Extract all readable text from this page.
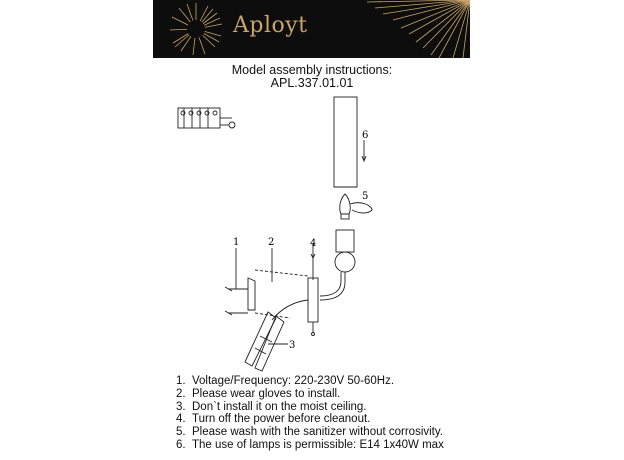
Aployt
Model assembly instructions:
APL.337.01.01
1	2
3
4
5
6
1. Voltage/Frequency: 220-230V 50-60Hz.
2. Please wear gloves to install.
3. Don`t install it on the moist ceiling.
4. Turn off the power before cleanout.
5. Please wash with the sanitizer without corrosivity.
6. The use of lamps is permissible: E14 1x40W max
